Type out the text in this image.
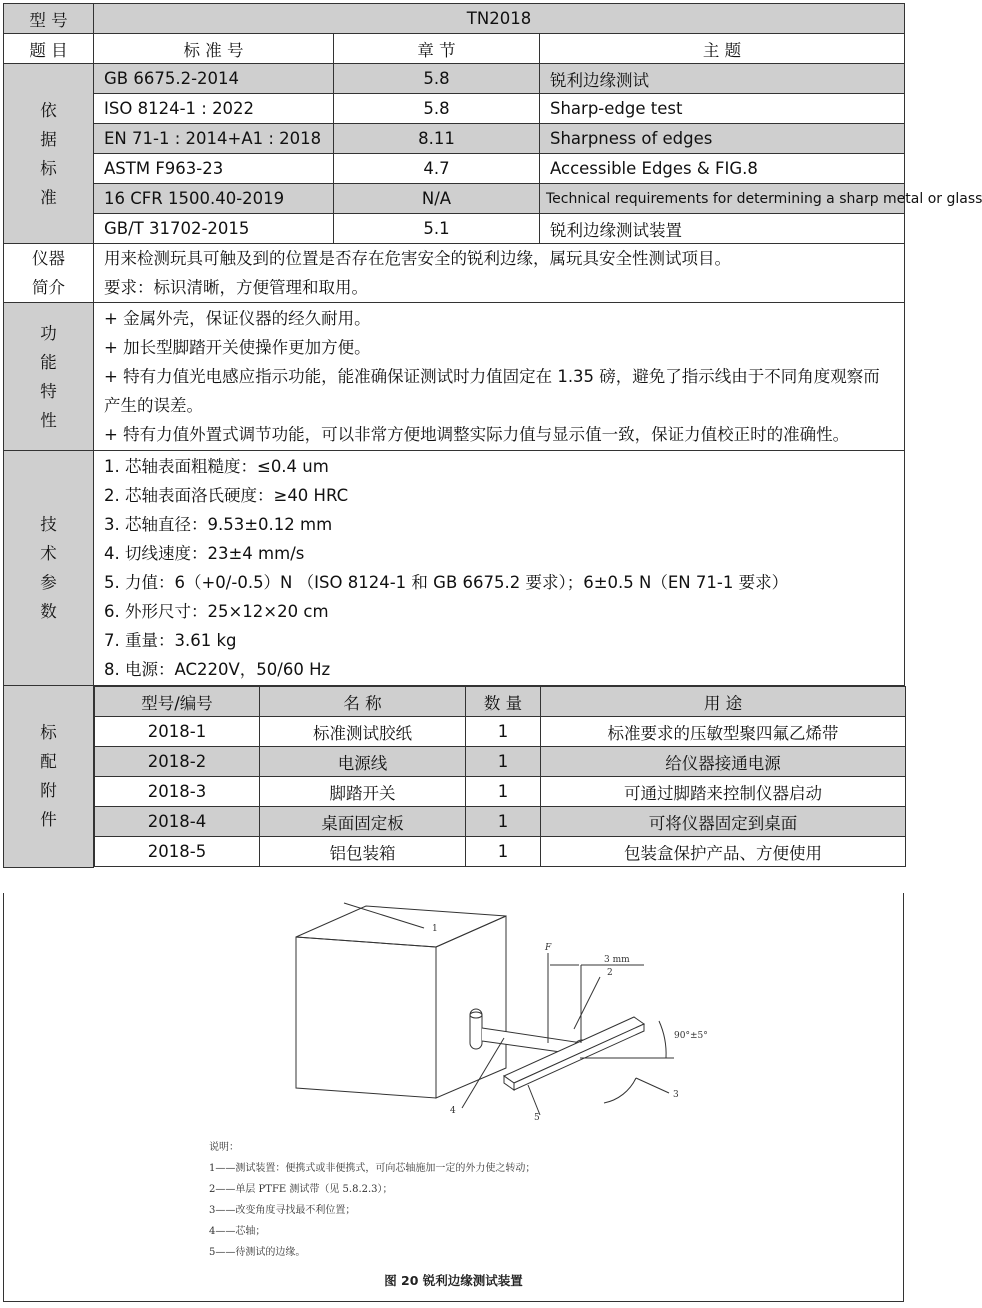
型 号	TN2018
题 目	标 准 号	章 节	主 题

依
据
标
准
	GB 6675.2-2014	5.8	锐利边缘测试
ISO 8124-1 : 2022	5.8	Sharp-edge test
EN 71-1 : 2014+A1 : 2018	8.11	Sharpness of edges
ASTM F963-23	4.7	Accessible Edges & FIG.8
16 CFR 1500.40-2019	N/A	Technical requirements for determining a sharp metal or glass
GB/T 31702-2015	5.1	锐利边缘测试装置

仪器
简介

用来检测玩具可触及到的位置是否存在危害安全的锐利边缘，属玩具安全性测试项目。
要求：标识清晰，方便管理和取用。

功
能
特
性

+ 金属外壳，保证仪器的经久耐用。
+ 加长型脚踏开关使操作更加方便。
+ 特有力值光电感应指示功能，能准确保证测试时力值固定在 1.35 磅，避免了指示线由于不同角度观察而
产生的误差。
+ 特有力值外置式调节功能，可以非常方便地调整实际力值与显示值一致，保证力值校正时的准确性。

技
术
参
数

1. 芯轴表面粗糙度：≤0.4 um
2. 芯轴表面洛氏硬度：≥40 HRC
3. 芯轴直径：9.53±0.12 mm
4. 切线速度：23±4 mm/s
5. 力值：6（+0/-0.5）N （ISO 8124-1 和 GB 6675.2 要求）；6±0.5 N（EN 71-1 要求）
6. 外形尺寸：25×12×20 cm
7. 重量：3.61 kg
8. 电源：AC220V，50/60 Hz

标
配
附
件

型号/编号	名 称	数 量	用 途
2018-1	标准测试胶纸	1	标准要求的压敏型聚四氟乙烯带
2018-2	电源线	1	给仪器接通电源
2018-3	脚踏开关	1	可通过脚踏来控制仪器启动
2018-4	桌面固定板	1	可将仪器固定到桌面
2018-5	铝包装箱	1	包装盒保护产品、方便使用
1
2
3
4
5
F
3 mm
90°±5°
说明：
1——测试装置：便携式或非便携式，可向芯轴施加一定的外力使之转动；
2——单层 PTFE 测试带（见 5.8.2.3）；
3——改变角度寻找最不利位置；
4——芯轴；
5——待测试的边缘。
图 20 锐利边缘测试装置
